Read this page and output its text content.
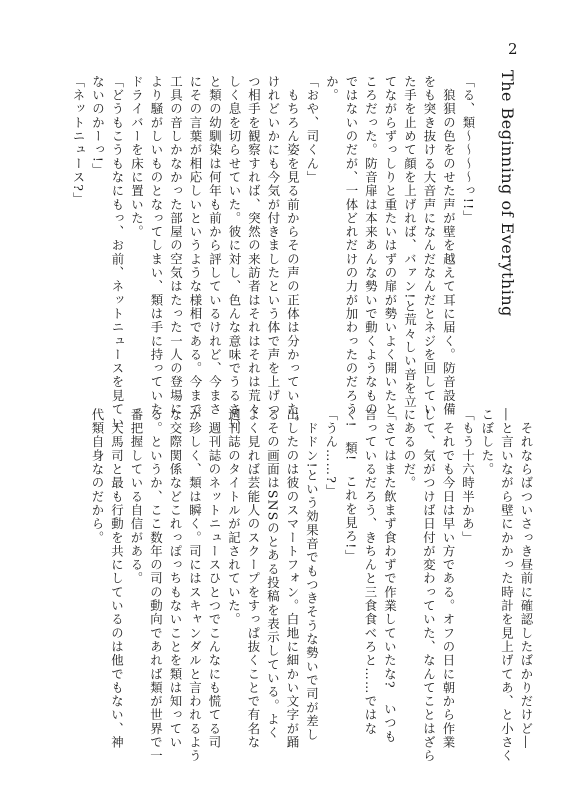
2
The Beginning of Everything

「る、類～～～～っ!!」

　狼狽の色をのせた声が壁を越えて耳に届く。防音設備

をも突き抜ける大音声になんだなんだとネジを回してい

た手を止めて顔を上げれば、バァン!と荒々しい音を立

てながらずっしりと重たいはずの扉が勢いよく開いたと

ころだった。防音扉は本来あんな勢いで動くようなもの

ではないのだが、一体どれだけの力が加わったのだろう

か。

「おや、司くん」

　もちろん姿を見る前からその声の正体は分かっていた。

けれどいかにも今気が付きましたという体で声を上げつ

つ相手を観察すれば、突然の来訪者はそれはそれは荒々

しく息を切らせていた。彼に対し、色んな意味でうるさい

と類の幼馴染は何年も前から評しているけれど、今まさ

にその言葉が相応しいというような様相である。今まで

工具の音しかなかった部屋の空気はたった一人の登場に

より騒がしいものとなってしまい、類は手に持っていた

ドライバーを床に置いた。

「どうもこうもなにもっ、お前、ネットニュースを見てい

ないのかーっ!」

「ネットニュース?」

　それならばついさっき昼前に確認したばかりだけど―

―と言いながら壁にかかった時計を見上げてあ、と小さく

こぼした。

「もう十六時半かあ」

　それでも今日は早い方である。オフの日に朝から作業

して、気がつけば日付が変わっていた、なんてことはざら

にあるのだ。

「さてはまた飲まず食わずで作業していたな?　いつも

言っているだろう、きちんと三食食べろと……ではな

く!　類!　これを見ろ!」

「うん……?」

　ドドン!という効果音でもつきそうな勢いで司が差し

出したのは彼のスマートフォン。白地に細かい文字が踊

るその画面はSNSのとある投稿を表示している。よく

よく見れば芸能人のスクープをすっぱ抜くことで有名な

週刊誌のタイトルが記されていた。

　週刊誌のネットニュースひとつでこんなにも慌てる司

が珍しく、類は瞬く。司にはスキャンダルと言われるよう

な交際関係などこれっぽっちもないことを類は知ってい

る。というか、ここ数年の司の動向であれば類が世界で一

番把握している自信がある。

　天馬司と最も行動を共にしているのは他でもない、神

代類自身なのだから。
